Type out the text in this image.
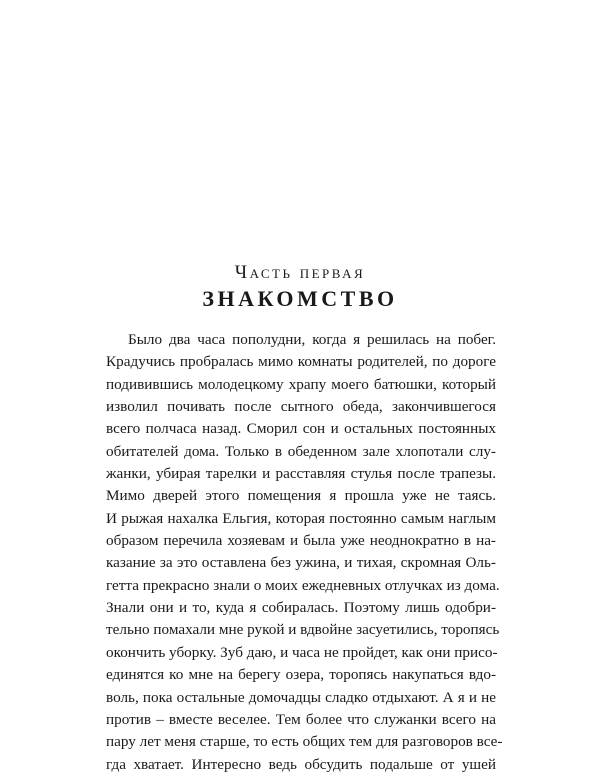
Часть первая
ЗНАКОМСТВО
Было два часа пополудни, когда я решилась на побег.
Крадучись пробралась мимо комнаты родителей, по дороге
подивившись молодецкому храпу моего батюшки, который
изволил почивать после сытного обеда, закончившегося
всего полчаса назад. Сморил сон и остальных постоянных
обитателей дома. Только в обеденном зале хлопотали слу-
жанки, убирая тарелки и расставляя стулья после трапезы.
Мимо дверей этого помещения я прошла уже не таясь.
И рыжая нахалка Ельгия, которая постоянно самым наглым
образом перечила хозяевам и была уже неоднократно в на-
казание за это оставлена без ужина, и тихая, скромная Оль-
гетта прекрасно знали о моих ежедневных отлучках из дома.
Знали они и то, куда я собиралась. Поэтому лишь одобри-
тельно помахали мне рукой и вдвойне засуетились, торопясь
окончить уборку. Зуб даю, и часа не пройдет, как они присо-
единятся ко мне на берегу озера, торопясь накупаться вдо-
воль, пока остальные домочадцы сладко отдыхают. А я и не
против – вместе веселее. Тем более что служанки всего на
пару лет меня старше, то есть общих тем для разговоров все-
гда хватает. Интересно ведь обсудить подальше от ушей
